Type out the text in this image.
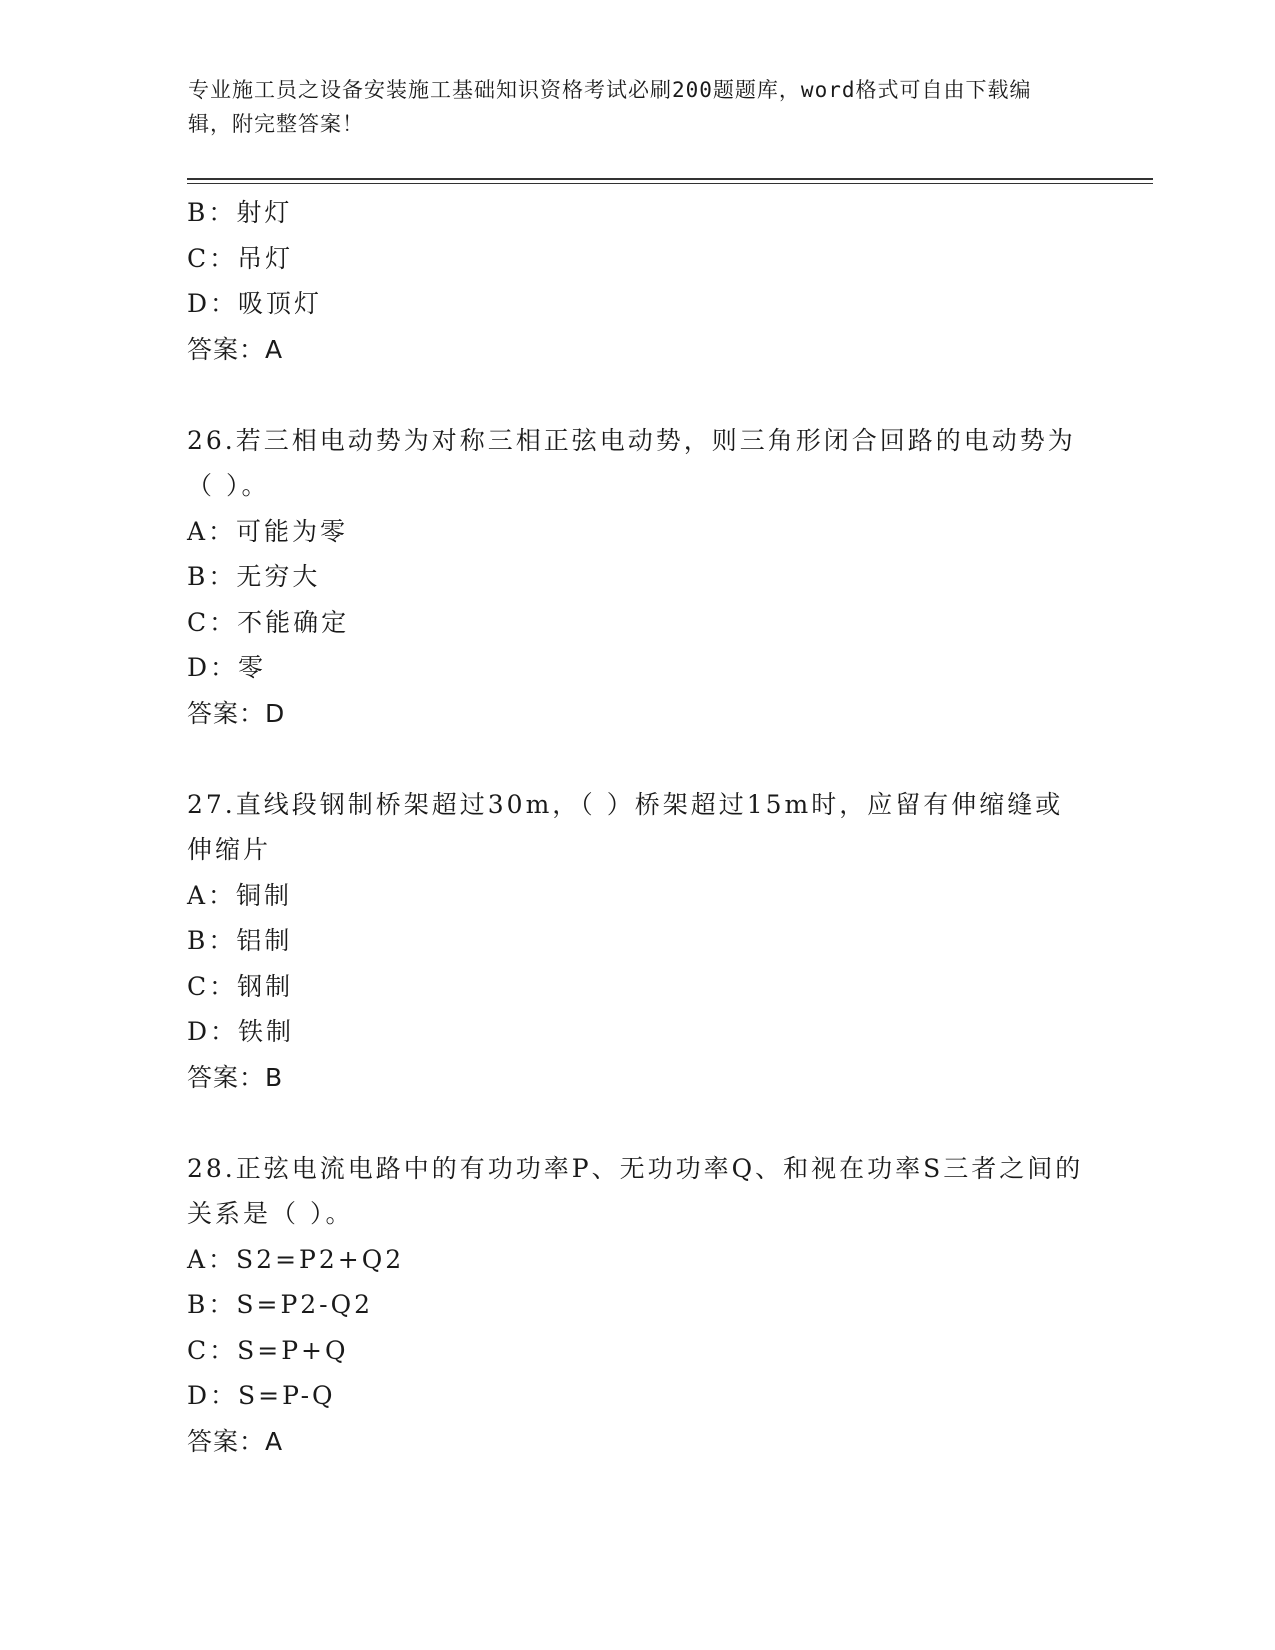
专业施工员之设备安装施工基础知识资格考试必刷200题题库，word格式可自由下载编辑，附完整答案！
B：射灯
C：吊灯
D：吸顶灯
答案：A
26.若三相电动势为对称三相正弦电动势，则三角形闭合回路的电动势为（ ）。
A：可能为零
B：无穷大
C：不能确定
D：零
答案：D
27.直线段钢制桥架超过30m，（ ）桥架超过15m时，应留有伸缩缝或伸缩片
A：铜制
B：铝制
C：钢制
D：铁制
答案：B
28.正弦电流电路中的有功功率P、无功功率Q、和视在功率S三者之间的关系是（ ）。
A：S2=P2+Q2
B：S=P2-Q2
C：S=P+Q
D：S=P-Q
答案：A
